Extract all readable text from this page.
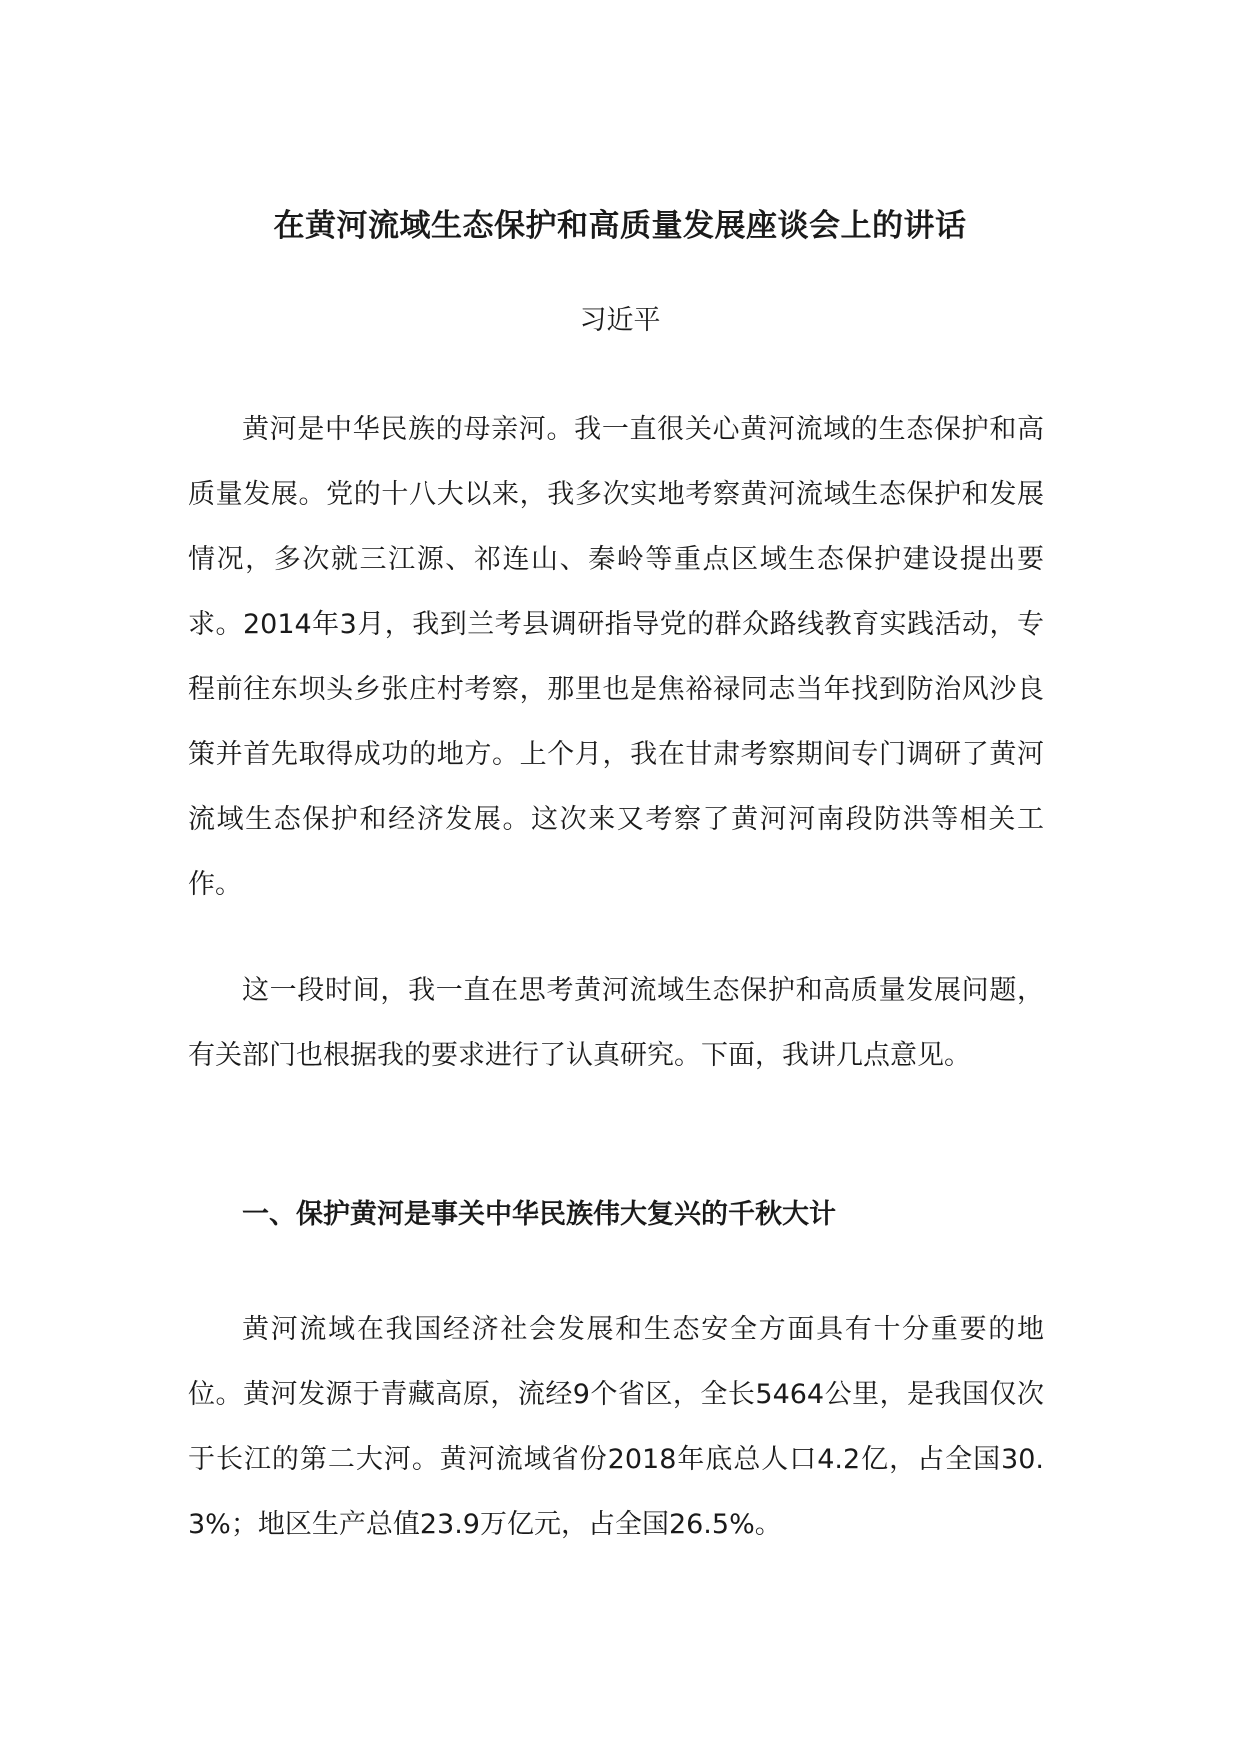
在黄河流域生态保护和高质量发展座谈会上的讲话

习近平

黄河是中华民族的母亲河。我一直很关心黄河流域的生态保护和高质量发展。党的十八大以来，我多次实地考察黄河流域生态保护和发展情况，多次就三江源、祁连山、秦岭等重点区域生态保护建设提出要求。2014年3月，我到兰考县调研指导党的群众路线教育实践活动，专程前往东坝头乡张庄村考察，那里也是焦裕禄同志当年找到防治风沙良策并首先取得成功的地方。上个月，我在甘肃考察期间专门调研了黄河流域生态保护和经济发展。这次来又考察了黄河河南段防洪等相关工作。

这一段时间，我一直在思考黄河流域生态保护和高质量发展问题，有关部门也根据我的要求进行了认真研究。下面，我讲几点意见。

一、保护黄河是事关中华民族伟大复兴的千秋大计

黄河流域在我国经济社会发展和生态安全方面具有十分重要的地位。黄河发源于青藏高原，流经9个省区，全长5464公里，是我国仅次于长江的第二大河。黄河流域省份2018年底总人口4.2亿，占全国30.3%；地区生产总值23.9万亿元，占全国26.5%。
